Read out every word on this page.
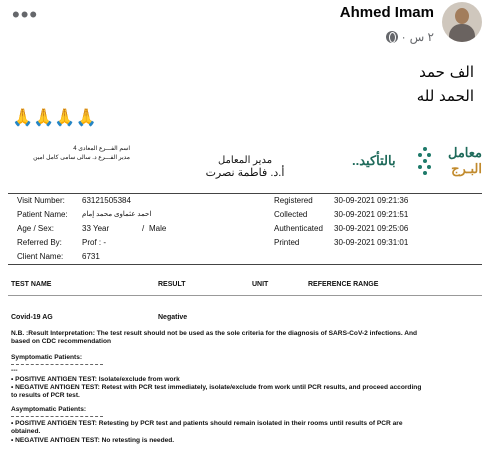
•••	Ahmed Imam
٢ س
·
الف حمد
الحمد لله
🙏🙏🙏🙏
اسم الفـــرع المعادى 4
مدير الفـــرع د. سالى سامى كامل امين	مدير المعامل
أ.د. فاطمة نصرت
بالتأكيد..
معامل
البـرج
Visit Number: 63121505384	Registered	30-09-2021 09:21:36
Patient Name: احمد عثماوى محمد إمام	Collected	30-09-2021 09:21:51
Age / Sex:	33 Year	/ Male	Authenticated 30-09-2021 09:25:06
Referred By:	Prof : -	Printed	30-09-2021 09:31:01
Client Name: 6731
TEST NAME	RESULT	UNIT	REFERENCE RANGE
Covid-19 AG	Negative
N.B. :Result Interpretation: The test result should not be used as the sole criteria for the diagnosis of SARS-CoV-2 infections. And
based on CDC recommendation
Symptomatic Patients:
---
• POSITIVE ANTIGEN TEST: Isolate/exclude from work
• NEGATIVE ANTIGEN TEST: Retest with PCR test immediately, isolate/exclude from work until PCR results, and proceed according
to results of PCR test.
Asymptomatic Patients:
• POSITIVE ANTIGEN TEST: Retesting by PCR test and patients should remain isolated in their rooms until results of PCR are
obtained.
• NEGATIVE ANTIGEN TEST: No retesting is needed.
